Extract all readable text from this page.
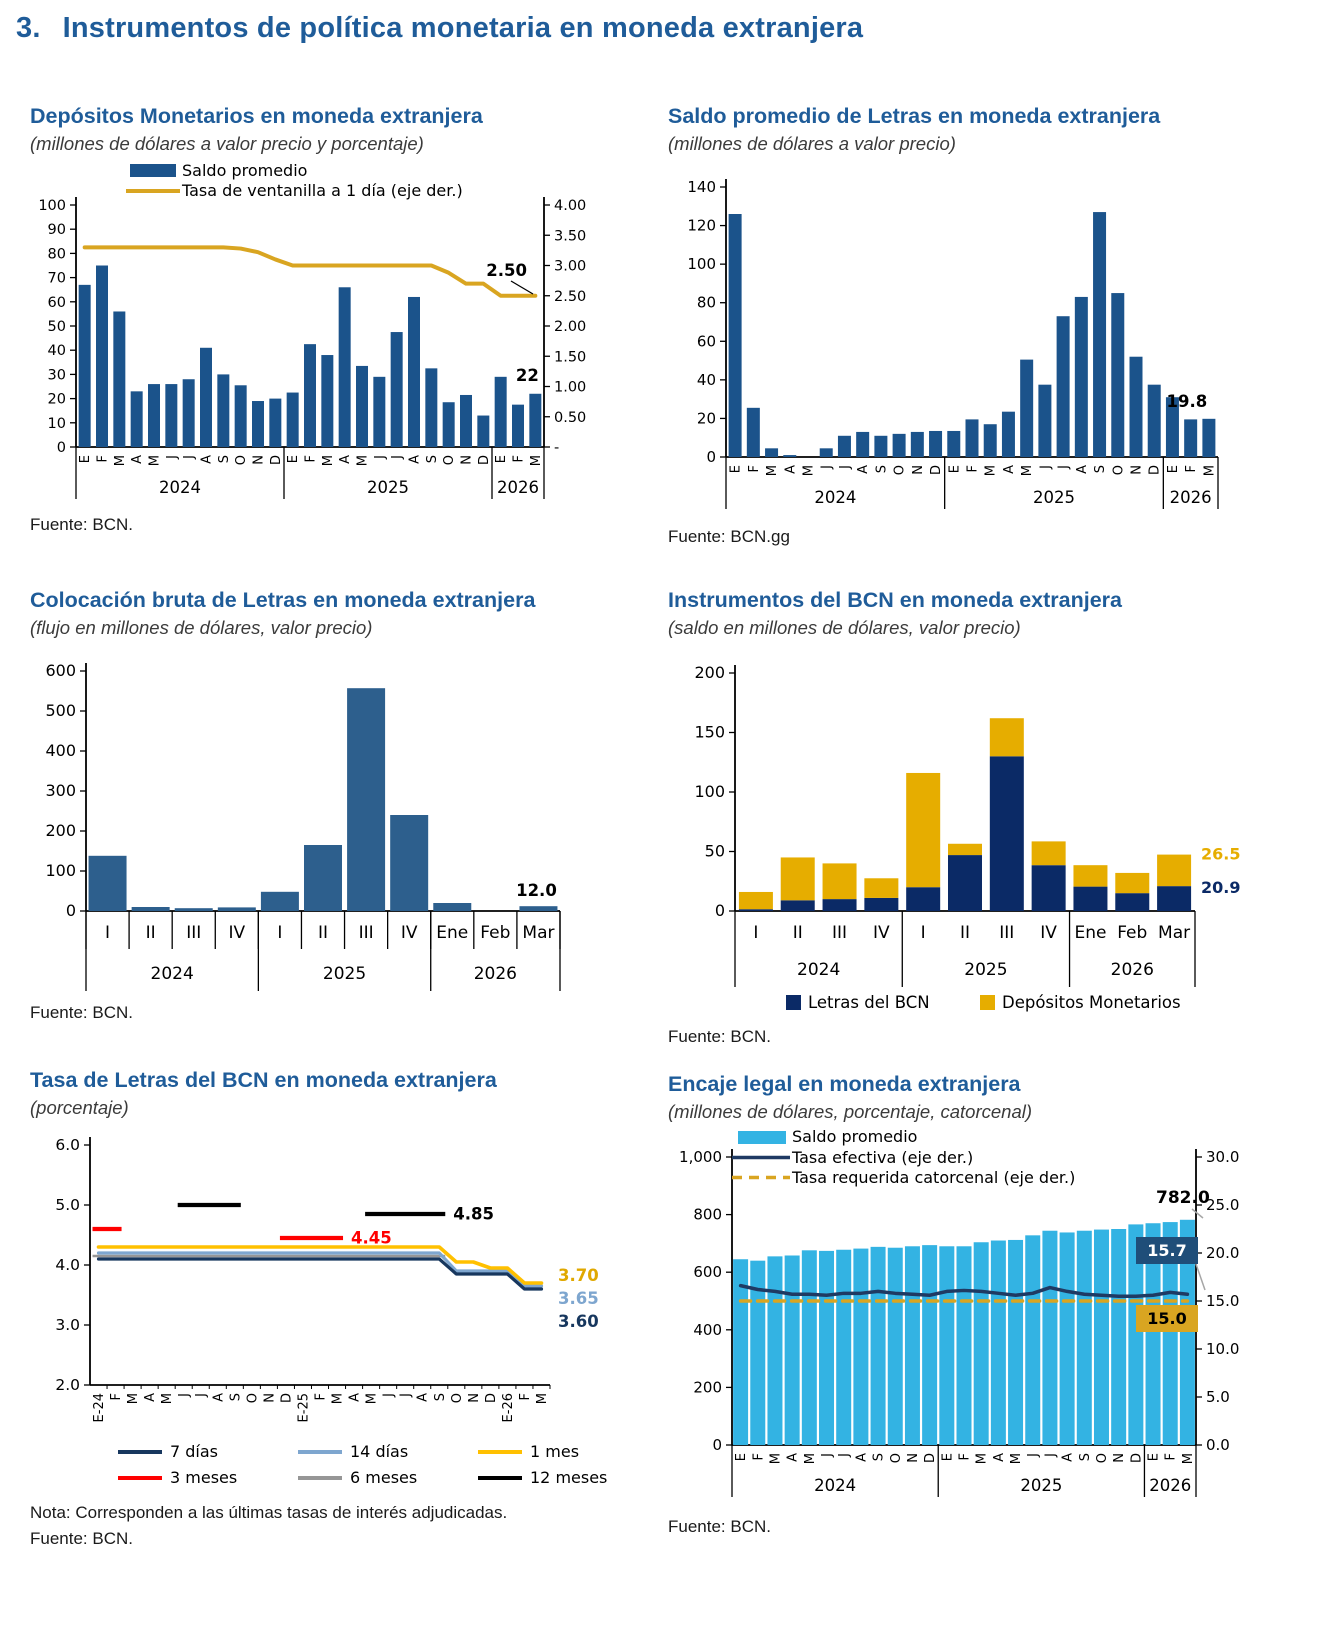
3. Instrumentos de política monetaria en moneda extranjera
Depósitos Monetarios en moneda extranjera
(millones de dólares a valor precio y porcentaje)
100
90
80
70
60
50
40
30
20
10
0
4.00
3.50
3.00
2.50
2.00
1.50
1.00
0.50
-
E F M A M J J A S O N D E F M A M J J A S O N D E F M
2024	2025	2026
Saldo promedio
Tasa de ventanilla a 1 día (eje der.)
2.50
22
Fuente: BCN.
Saldo promedio de Letras en moneda extranjera
(millones de dólares a valor precio)
140
120
100
80
60
40
20
0
E F M A M J J A S O N D E F M A M J J A S O N D E F M
2024	2025	2026
19.8
Fuente: BCN.gg
Colocación bruta de Letras en moneda extranjera
(flujo en millones de dólares, valor precio)
600
500
400
300
200
100
0
I II III IV I II III IV Ene Feb Mar
2024	2025	2026
12.0
Fuente: BCN.
Instrumentos del BCN en moneda extranjera
(saldo en millones de dólares, valor precio)
200
150
100
50
0
I II III IV I II III IV Ene Feb Mar
2024	2025	2026
Letras del BCN	Depósitos Monetarios
26.5
20.9
Fuente: BCN.
Tasa de Letras del BCN en moneda extranjera
(porcentaje)
6.0
5.0
4.0
3.0
2.0
4.45
4.85
E-24 F M A M J J A S O N D E-25 F M A M J J A S O N D E-26 F M
3.70
3.65
3.60
7 días	14 días	1 mes
3 meses	6 meses	12 meses
Nota: Corresponden a las últimas tasas de interés adjudicadas.
Fuente: BCN.
Encaje legal en moneda extranjera
(millones de dólares, porcentaje, catorcenal)
1,000
800
600
400
200
0
30.0
25.0
20.0
15.0
10.0
5.0
0.0
E F M A M J J A S O N D E F M A M J J A S O N D E F M
2024	2025	2026
Saldo promedio
Tasa efectiva (eje der.)
Tasa requerida catorcenal (eje der.)
782.0
15.7
15.0
Fuente: BCN.
